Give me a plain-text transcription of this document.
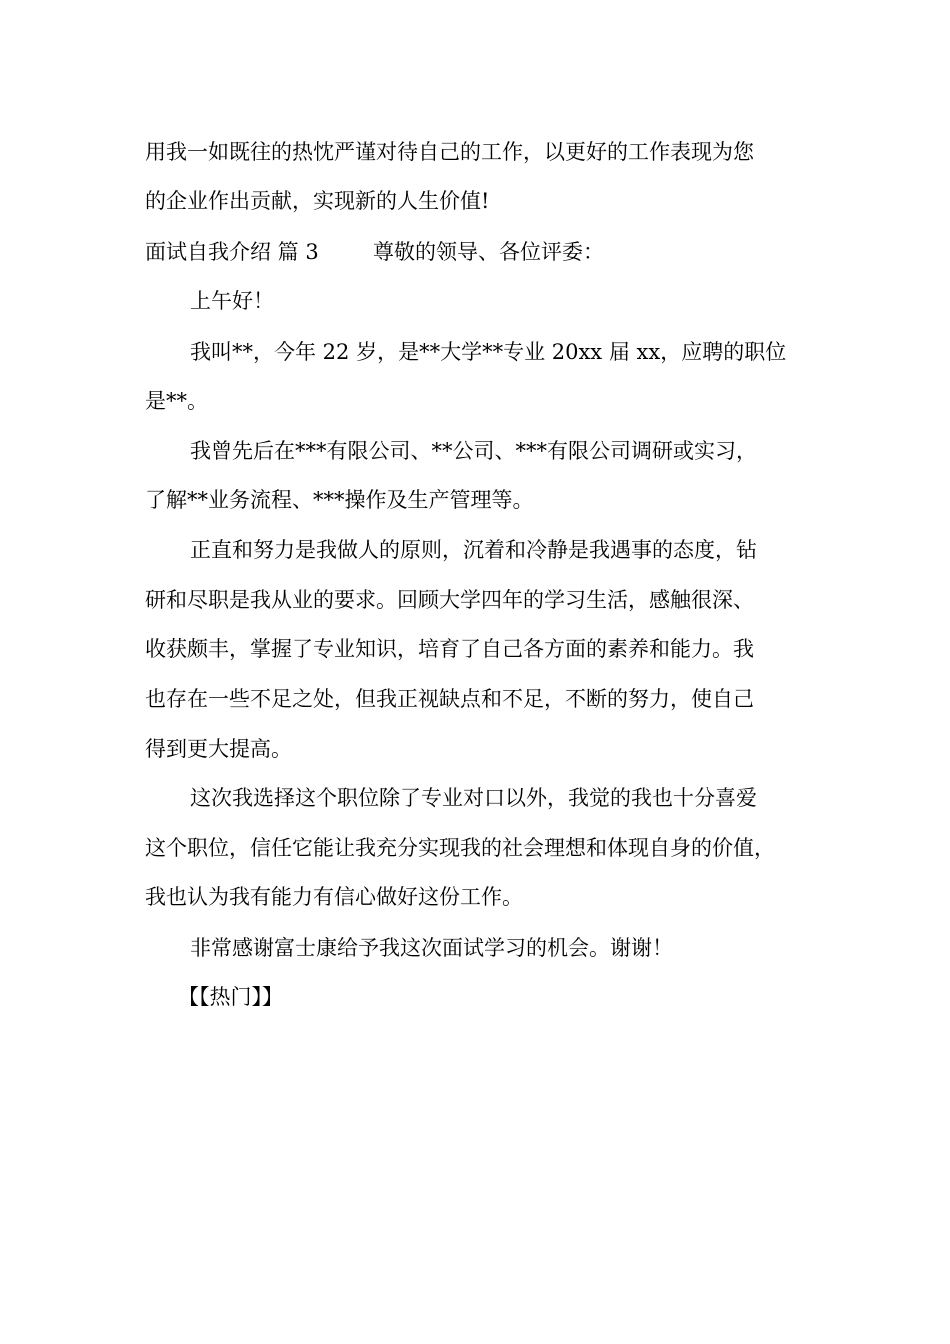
用我一如既往的热忱严谨对待自己的工作，以更好的工作表现为您
的企业作出贡献，实现新的人生价值!
面试自我介绍 篇 3	尊敬的领导、各位评委：
上午好！
我叫**，今年 22 岁，是**大学**专业 20xx 届 xx，应聘的职位
是**。
我曾先后在***有限公司、**公司、***有限公司调研或实习，
了解**业务流程、***操作及生产管理等。
正直和努力是我做人的原则，沉着和冷静是我遇事的态度，钻
研和尽职是我从业的要求。回顾大学四年的学习生活，感触很深、
收获颇丰，掌握了专业知识，培育了自己各方面的素养和能力。我
也存在一些不足之处，但我正视缺点和不足，不断的努力，使自己
得到更大提高。
这次我选择这个职位除了专业对口以外，我觉的我也十分喜爱
这个职位，信任它能让我充分实现我的社会理想和体现自身的价值，
我也认为我有能力有信心做好这份工作。
非常感谢富士康给予我这次面试学习的机会。谢谢！
【【热门】】
